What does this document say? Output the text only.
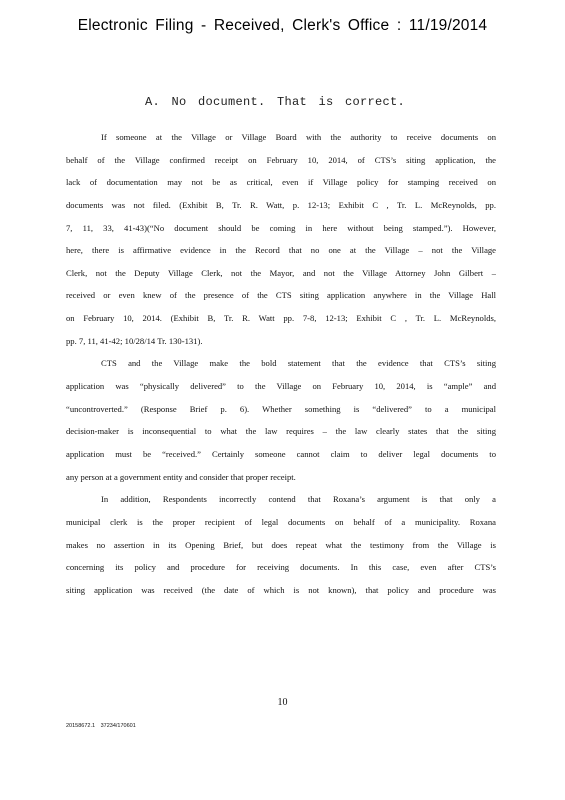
Electronic Filing - Received, Clerk's Office : 11/19/2014
A. No document. That is correct.
If someone at the Village or Village Board with the authority to receive documents on
behalf of the Village confirmed receipt on February 10, 2014, of CTS’s siting application, the
lack of documentation may not be as critical, even if Village policy for stamping received on
documents was not filed. (Exhibit B, Tr. R. Watt, p. 12-13; Exhibit C , Tr. L. McReynolds, pp.
7, 11, 33, 41-43)(“No document should be coming in here without being stamped.”). However,
here, there is affirmative evidence in the Record that no one at the Village – not the Village
Clerk, not the Deputy Village Clerk, not the Mayor, and not the Village Attorney John Gilbert –
received or even knew of the presence of the CTS siting application anywhere in the Village Hall
on February 10, 2014. (Exhibit B, Tr. R. Watt pp. 7-8, 12-13; Exhibit C , Tr. L. McReynolds,
pp. 7, 11, 41-42; 10/28/14 Tr. 130-131).
CTS and the Village make the bold statement that the evidence that CTS’s siting
application was “physically delivered” to the Village on February 10, 2014, is “ample” and
“uncontroverted.” (Response Brief p. 6). Whether something is “delivered” to a municipal
decision-maker is inconsequential to what the law requires – the law clearly states that the siting
application must be “received.” Certainly someone cannot claim to deliver legal documents to
any person at a government entity and consider that proper receipt.
In addition, Respondents incorrectly contend that Roxana’s argument is that only a
municipal clerk is the proper recipient of legal documents on behalf of a municipality. Roxana
makes no assertion in its Opening Brief, but does repeat what the testimony from the Village is
concerning its policy and procedure for receiving documents. In this case, even after CTS’s
siting application was received (the date of which is not known), that policy and procedure was
10
20158672.1 37234/170601
